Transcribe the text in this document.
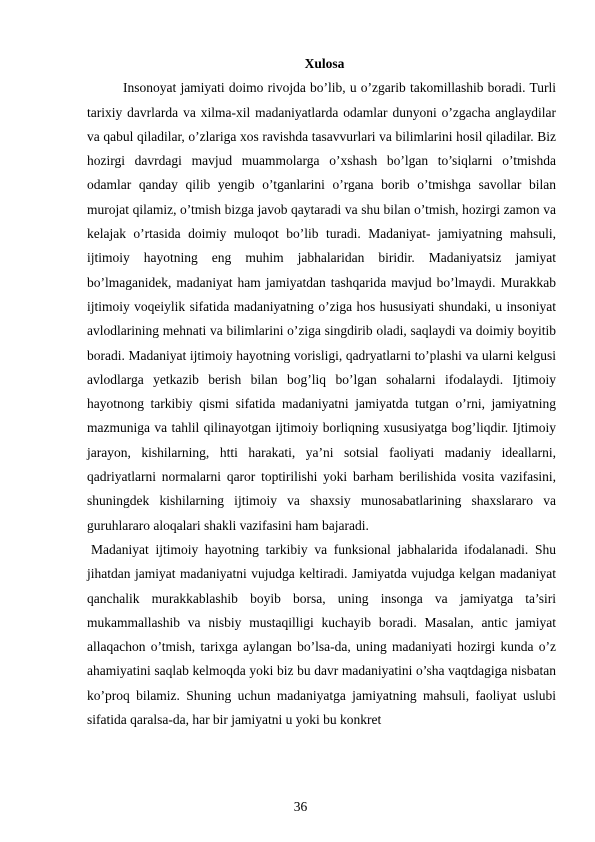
Xulosa

Insonoyat jamiyati doimo rivojda bo’lib, u o’zgarib takomillashib boradi. Turli tarixiy davrlarda va xilma-xil madaniyatlarda odamlar dunyoni o’zgacha anglaydilar va qabul qiladilar, o’zlariga xos ravishda tasavvurlari va bilimlarini hosil qiladilar. Biz hozirgi davrdagi mavjud muammolarga o’xshash bo’lgan to’siqlarni o’tmishda odamlar qanday qilib yengib o’tganlarini o’rgana borib o’tmishga savollar bilan murojat qilamiz, o’tmish bizga javob qaytaradi va shu bilan o’tmish, hozirgi zamon va kelajak o’rtasida doimiy muloqot bo’lib turadi. Madaniyat- jamiyatning mahsuli, ijtimoiy hayotning eng muhim jabhalaridan biridir. Madaniyatsiz jamiyat bo’lmaganidek, madaniyat ham jamiyatdan tashqarida mavjud bo’lmaydi. Murakkab ijtimoiy voqeiylik sifatida madaniyatning o’ziga hos hususiyati shundaki, u insoniyat avlodlarining mehnati va bilimlarini o’ziga singdirib oladi, saqlaydi va doimiy boyitib boradi. Madaniyat ijtimoiy hayotning vorisligi, qadryatlarni to’plashi va ularni kelgusi avlodlarga yetkazib berish bilan bog’liq bo’lgan sohalarni ifodalaydi. Ijtimoiy hayotnong tarkibiy qismi sifatida madaniyatni jamiyatda tutgan o’rni, jamiyatning mazmuniga va tahlil qilinayotgan ijtimoiy borliqning xususiyatga bog’liqdir. Ijtimoiy jarayon, kishilarning, htti harakati, ya’ni sotsial faoliyati madaniy ideallarni, qadriyatlarni normalarni qaror toptirilishi yoki barham berilishida vosita vazifasini, shuningdek kishilarning ijtimoiy va shaxsiy munosabatlarining shaxslararo va guruhlararo aloqalari shakli vazifasini ham bajaradi.

Madaniyat ijtimoiy hayotning tarkibiy va funksional jabhalarida ifodalanadi. Shu jihatdan jamiyat madaniyatni vujudga keltiradi. Jamiyatda vujudga kelgan madaniyat qanchalik murakkablashib boyib borsa, uning insonga va jamiyatga ta’siri mukammallashib va nisbiy mustaqilligi kuchayib boradi. Masalan, antic jamiyat allaqachon o’tmish, tarixga aylangan bo’lsa-da, uning madaniyati hozirgi kunda o’z ahamiyatini saqlab kelmoqda yoki biz bu davr madaniyatini o’sha vaqtdagiga nisbatan ko’proq bilamiz. Shuning uchun madaniyatga jamiyatning mahsuli, faoliyat uslubi sifatida qaralsa-da, har bir jamiyatni u yoki bu konkret

36
